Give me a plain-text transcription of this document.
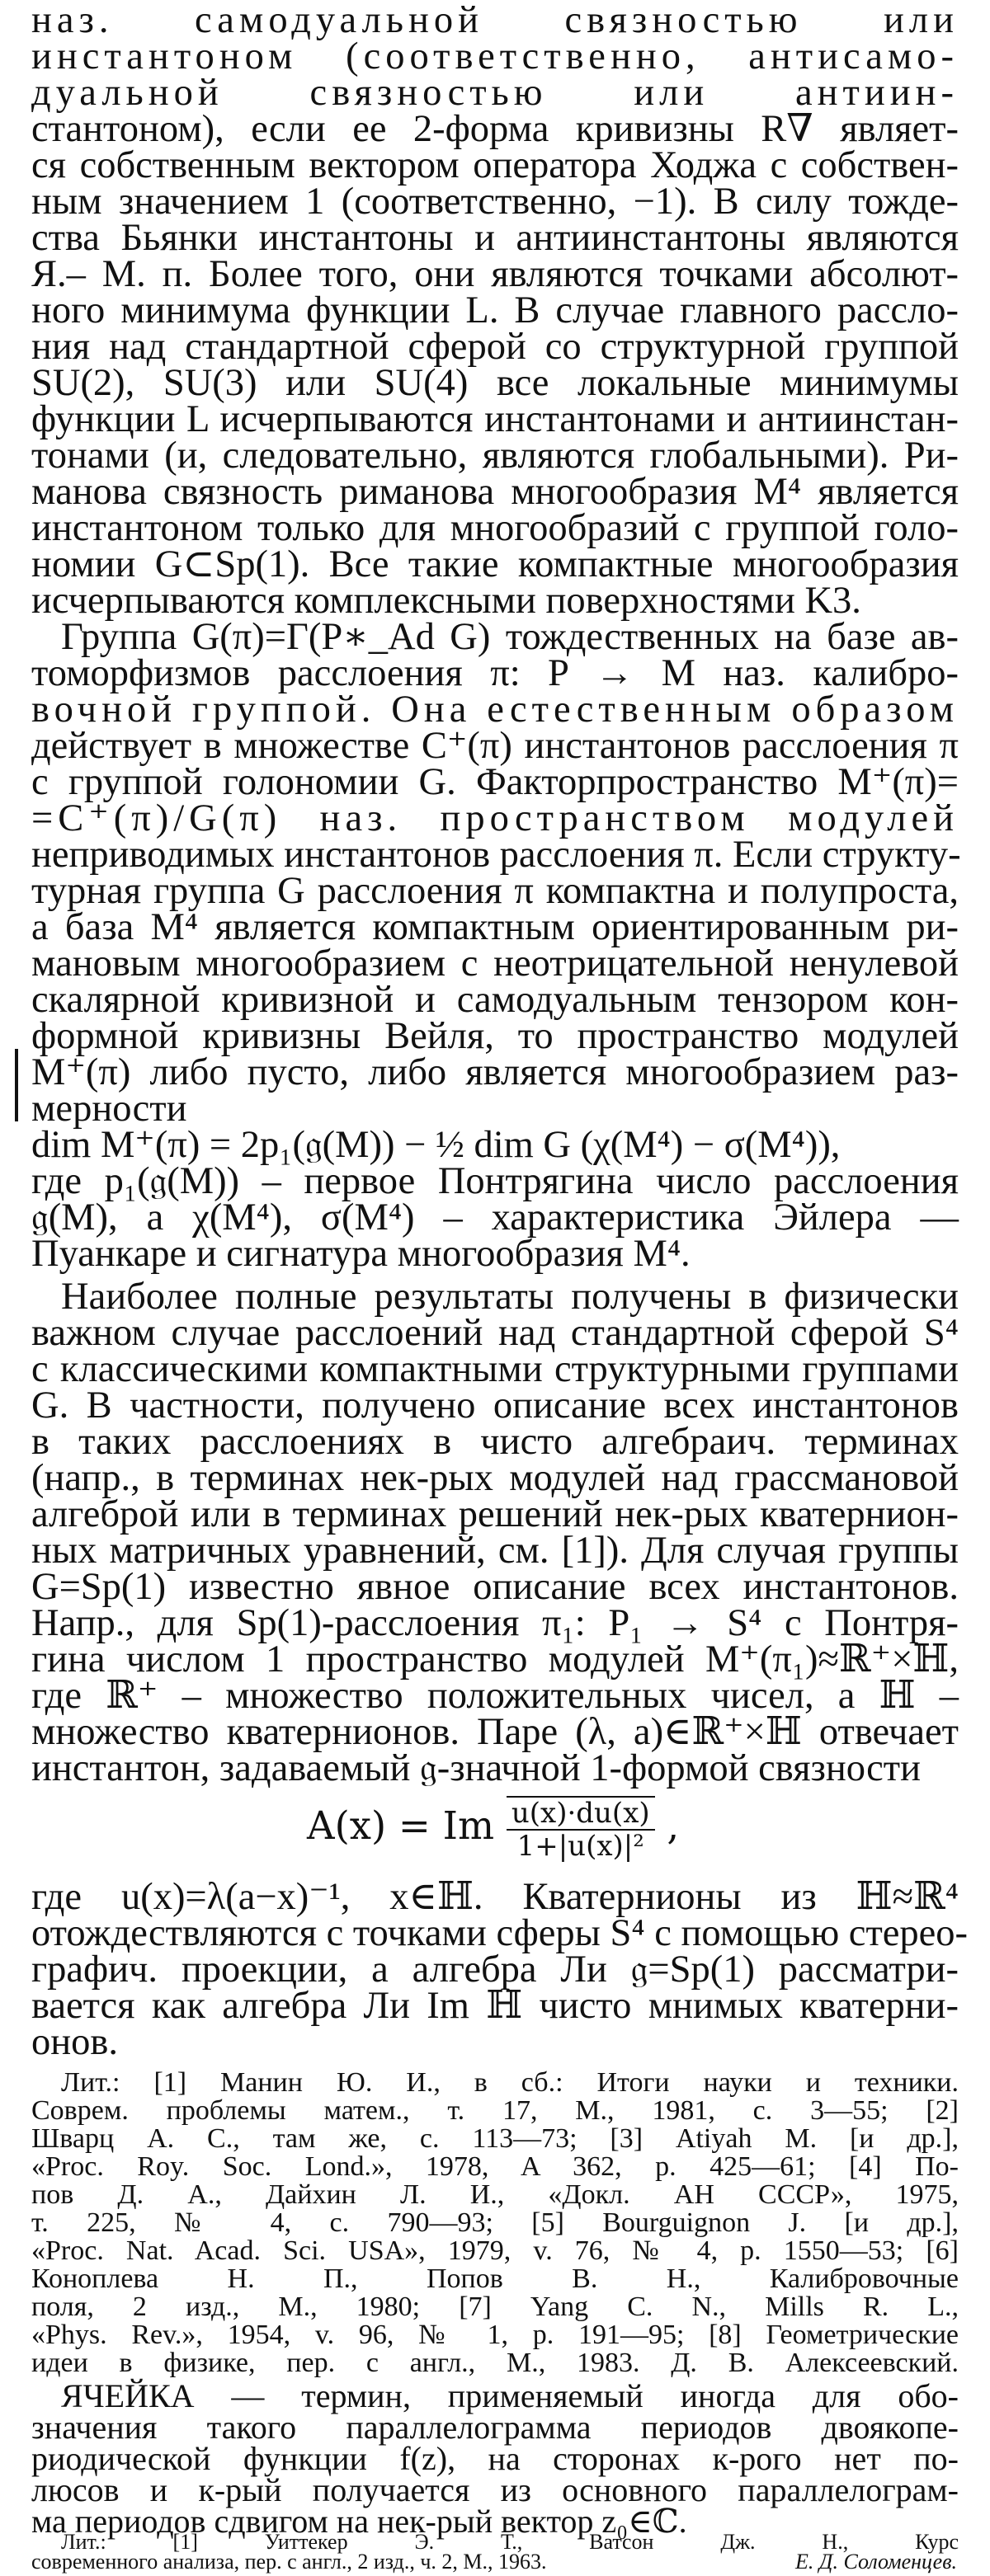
наз. самодуальной связностью или
инстантоном (соответственно, антисамо-
дуальной связностью или антиин-
стантоном), если ее 2-форма кривизны R∇ являет-
ся собственным вектором оператора Ходжа с собствен-
ным значением 1 (соответственно, −1). В силу тожде-
ства Бьянки инстантоны и антиинстантоны являются
Я.– М. п. Более того, они являются точками абсолют-
ного минимума функции L. В случае главного рассло-
ния над стандартной сферой со структурной группой
SU(2), SU(3) или SU(4) все локальные минимумы
функции L исчерпываются инстантонами и антиинстан-
тонами (и, следовательно, являются глобальными). Ри-
манова связность риманова многообразия M⁴ является
инстантоном только для многообразий с группой голо-
номии G⊂Sp(1). Все такие компактные многообразия
исчерпываются комплексными поверхностями K3.
Группа G(π)=Γ(P∗_Ad G) тождественных на базе ав-
томорфизмов расслоения π: P → M наз. калибро-
вочной группой. Она естественным образом
действует в множестве C⁺(π) инстантонов расслоения π
с группой голономии G. Факторпространство M⁺(π)=
=C⁺(π)/G(π) наз. пространством модулей
неприводимых инстантонов расслоения π. Если структу-
турная группа G расслоения π компактна и полупроста,
а база M⁴ является компактным ориентированным ри-
мановым многообразием с неотрицательной ненулевой
скалярной кривизной и самодуальным тензором кон-
формной кривизны Вейля, то пространство модулей
M⁺(π) либо пусто, либо является многообразием раз-
мерности
dim M⁺(π) = 2p₁(𝔤(M)) − ½ dim G (χ(M⁴) − σ(M⁴)),
где p₁(𝔤(M)) – первое Понтрягина число расслоения
𝔤(M), а χ(M⁴), σ(M⁴) – характеристика Эйлера —
Пуанкаре и сигнатура многообразия M⁴.
Наиболее полные результаты получены в физически
важном случае расслоений над стандартной сферой S⁴
с классическими компактными структурными группами
G. В частности, получено описание всех инстантонов
в таких расслоениях в чисто алгебраич. терминах
(напр., в терминах нек-рых модулей над грассмановой
алгеброй или в терминах решений нек-рых кватернион-
ных матричных уравнений, см. [1]). Для случая группы
G=Sp(1) известно явное описание всех инстантонов.
Напр., для Sp(1)-расслоения π₁: P₁ → S⁴ с Понтря-
гина числом 1 пространство модулей M⁺(π₁)≈ℝ⁺×ℍ,
где ℝ⁺ – множество положительных чисел, а ℍ –
множество кватернионов. Паре (λ, a)∈ℝ⁺×ℍ отвечает
инстантон, задаваемый 𝔤-значной 1-формой связности
A(x) = Im $\frac{u(x)\cdot du(x)}{\text{1+|u(x)|²}}$ ,
где u(x)=λ(a−x)⁻¹, x∈ℍ. Кватернионы из ℍ≈ℝ⁴
отождествляются с точками сферы S⁴ с помощью стерео-
графич. проекции, а алгебра Ли 𝔤=Sp(1) рассматри-
вается как алгебра Ли Im ℍ чисто мнимых кватерни-
онов.
Лит.: [1] Манин Ю. И., в сб.: Итоги науки и техники.
Соврем. проблемы матем., т. 17, М., 1981, с. 3—55; [2]
Шварц А. С., там же, с. 113—73; [3] Atiyah M. [и др.],
«Proc. Roy. Soc. Lond.», 1978, A 362, p. 425—61; [4] По-
пов Д. А., Дайхин Л. И., «Докл. АН СССР», 1975,
т. 225, № 4, с. 790—93; [5] Bourguignon J. [и др.],
«Proc. Nat. Acad. Sci. USA», 1979, v. 76, № 4, p. 1550—53; [6]
Коноплева Н. П., Попов В. Н., Калибровочные
поля, 2 изд., М., 1980; [7] Yang C. N., Mills R. L.,
«Phys. Rev.», 1954, v. 96, № 1, p. 191—95; [8] Геометрические
идеи в физике, пер. с англ., М., 1983. Д. В. Алексеевский.
ЯЧЕЙКА — термин, применяемый иногда для обо-
значения такого параллелограмма периодов двоякопе-
риодической функции f(z), на сторонах к-рого нет по-
люсов и к-рый получается из основного параллелограм-
ма периодов сдвигом на нек-рый вектор z₀∈ℂ.
Лит.: [1] Уиттекер Э. Т., Ватсон Дж. Н., Курс
современного анализа, пер. с англ., 2 изд., ч. 2, М., 1963.	Е. Д. Соломенцев.
